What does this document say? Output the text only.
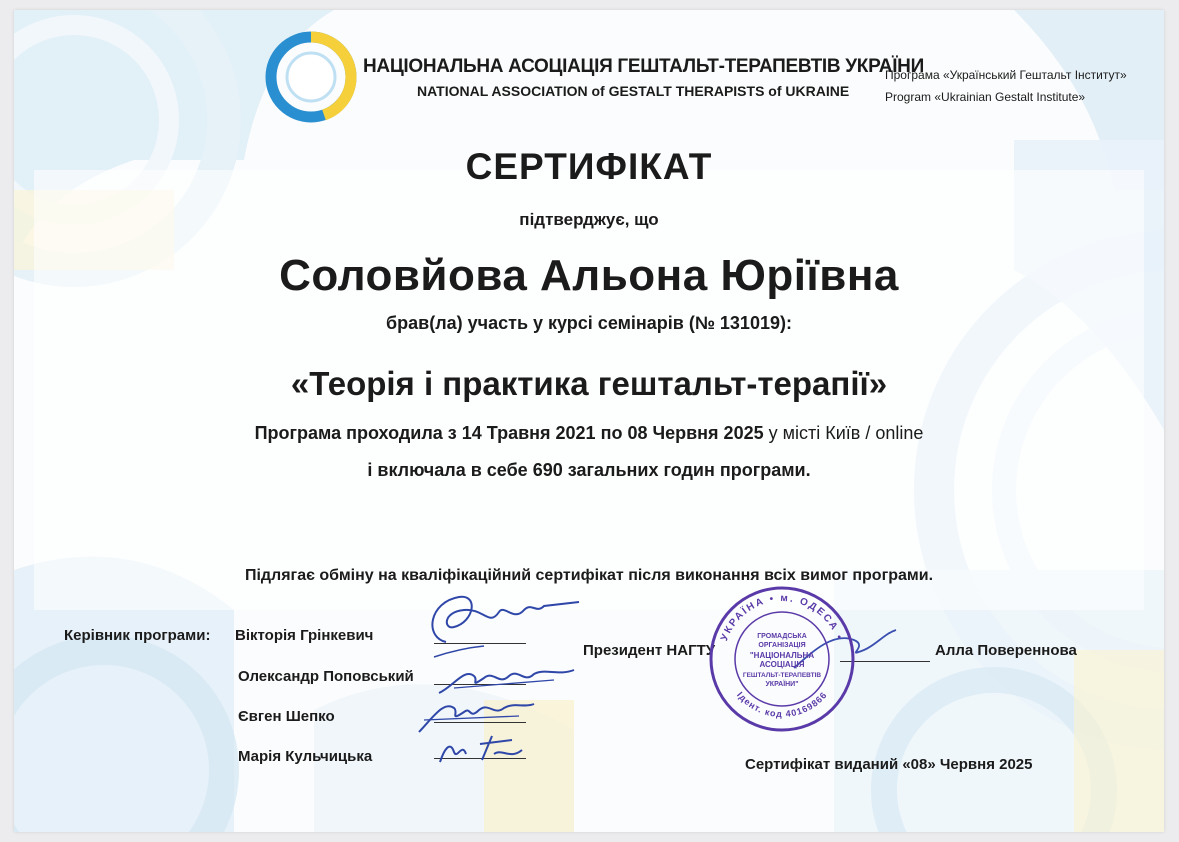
НАЦІОНАЛЬНА АСОЦІАЦІЯ ГЕШТАЛЬТ-ТЕРАПЕВТІВ УКРАЇНИ
NATIONAL ASSOCIATION of GESTALT THERAPISTS of UKRAINE
Програма «Український Гештальт Інститут»
Program «Ukrainian Gestalt Institute»
СЕРТИФІКАТ
підтверджує, що
Соловйова Альона Юріївна
брав(ла) участь у курсі семінарів (№ 131019):
«Теорія і практика гештальт-терапії»
Програма проходила з 14 Травня 2021 по 08 Червня 2025 у місті Київ / online
і включала в себе 690 загальних годин програми.
Підлягає обміну на кваліфікаційний сертифікат після виконання всіх вимог програми.
Керівник програми: Вікторія Грінкевич
Олександр Поповський
Євген Шепко
Марія Кульчицька
Президент НАГТУ	Алла Повереннова
УКРАЇНА • м. ОДЕСА •
Ідент. код 40169866
ГРОМАДСЬКА
ОРГАНІЗАЦІЯ
"НАЦІОНАЛЬНА
АСОЦІАЦІЯ
ГЕШТАЛЬТ-ТЕРАПЕВТІВ
УКРАЇНИ"
Сертифікат виданий «08» Червня 2025
